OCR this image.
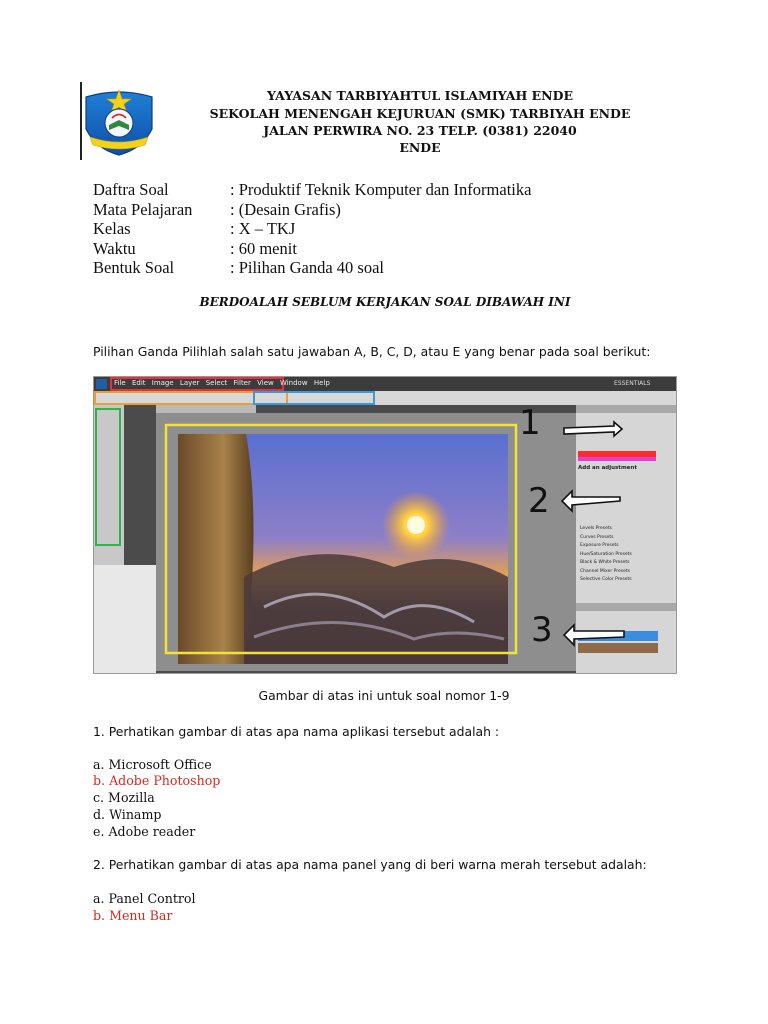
YAYASAN TARBIYAHTUL ISLAMIYAH ENDE
SEKOLAH MENENGAH KEJURUAN (SMK) TARBIYAH ENDE
JALAN PERWIRA NO. 23 TELP. (0381) 22040
ENDE
Daftra Soal	: Produktif Teknik Komputer dan Informatika
Mata Pelajaran : (Desain Grafis)
Kelas	: X – TKJ
Waktu	: 60 menit
Bentuk Soal	: Pilihan Ganda 40 soal
BERDOALAH SEBLUM KERJAKAN SOAL DIBAWAH INI
Pilihan Ganda Pilihlah salah satu jawaban A, B, C, D, atau E yang benar pada soal berikut:
File Edit Image Layer Select Filter View Window Help	ESSENTIALS
Add an adjustment
Levels Presets
Curves Presets
Exposure Presets
Hue/Saturation Presets
Black & White Presets
Channel Mixer Presets
Selective Color Presets
Gradient Fill
1
2
3
Gambar di atas ini untuk soal nomor 1-9
1. Perhatikan gambar di atas apa nama aplikasi tersebut adalah :
a. Microsoft Office
b. Adobe Photoshop
c. Mozilla
d. Winamp
e. Adobe reader
2. Perhatikan gambar di atas apa nama panel yang di beri warna merah tersebut adalah:
a. Panel Control
b. Menu Bar
